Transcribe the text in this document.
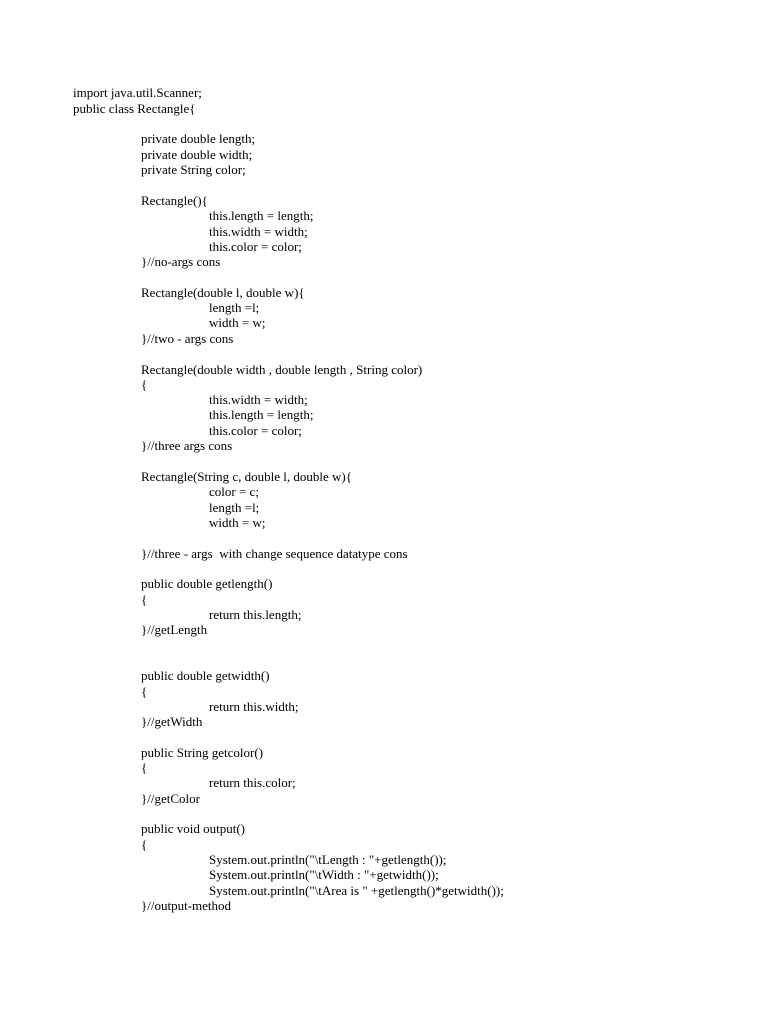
import java.util.Scanner;
public class Rectangle{
private double length;
private double width;
private String color;
Rectangle(){
this.length = length;
this.width = width;
this.color = color;
}//no-args cons
Rectangle(double l, double w){
length =l;
width = w;
}//two - args cons
Rectangle(double width , double length , String color)
{
this.width = width;
this.length = length;
this.color = color;
}//three args cons
Rectangle(String c, double l, double w){
color = c;
length =l;
width = w;
}//three - args  with change sequence datatype cons
public double getlength()
{
return this.length;
}//getLength
public double getwidth()
{
return this.width;
}//getWidth
public String getcolor()
{
return this.color;
}//getColor
public void output()
{
System.out.println("\tLength : "+getlength());
System.out.println("\tWidth : "+getwidth());
System.out.println("\tArea is " +getlength()*getwidth());
}//output-method
